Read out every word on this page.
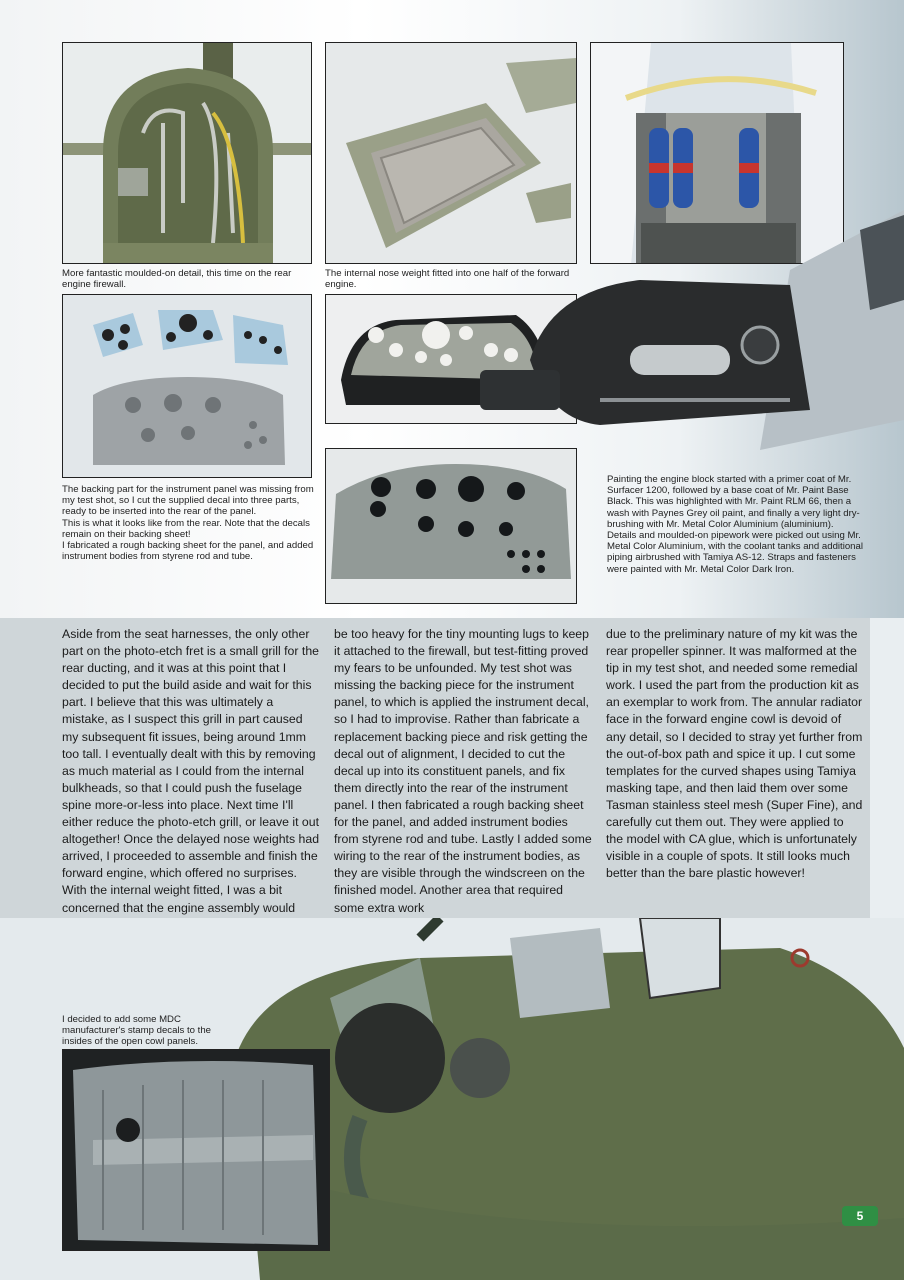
More fantastic moulded-on detail, this time on the rear engine firewall.

The internal nose weight fitted into one half of the forward engine.

The backing part for the instrument panel was missing from my test shot, so I cut the supplied decal into three parts, ready to be inserted into the rear of the panel.

This is what it looks like from the rear. Note that the decals remain on their backing sheet!

I fabricated a rough backing sheet for the panel, and added instrument bodies from styrene rod and tube.

Painting the engine block started with a primer coat of Mr. Surfacer 1200, followed by a base coat of Mr. Paint Base Black. This was highlighted with Mr. Paint RLM 66, then a wash with Paynes Grey oil paint, and finally a very light dry-brushing with Mr. Metal Color Aluminium (aluminium).

Details and moulded-on pipework were picked out using Mr. Metal Color Aluminium, with the coolant tanks and additional piping airbrushed with Tamiya AS-12. Straps and fasteners were painted with Mr. Metal Color Dark Iron.

Aside from the seat harnesses, the only other part on the photo-etch fret is a small grill for the rear ducting, and it was at this point that I decided to put the build aside and wait for this part. I believe that this was ultimately a mistake, as I suspect this grill in part caused my subsequent fit issues, being around 1mm too tall. I eventually dealt with this by removing as much material as I could from the internal bulkheads, so that I could push the fuselage spine more-or-less into place. Next time I'll either reduce the photo-etch grill, or leave it out altogether! Once the delayed nose weights had arrived, I proceeded to assemble and finish the forward engine, which offered no surprises. With the internal weight fitted, I was a bit concerned that the engine assembly would

be too heavy for the tiny mounting lugs to keep it attached to the firewall, but test-fitting proved my fears to be unfounded. My test shot was missing the backing piece for the instrument panel, to which is applied the instrument decal, so I had to improvise. Rather than fabricate a replacement backing piece and risk getting the decal out of alignment, I decided to cut the decal up into its constituent panels, and fix them directly into the rear of the instrument panel. I then fabricated a rough backing sheet for the panel, and added instrument bodies from styrene rod and tube. Lastly I added some wiring to the rear of the instrument bodies, as they are visible through the windscreen on the finished model. Another area that required some extra work

due to the preliminary nature of my kit was the rear propeller spinner. It was malformed at the tip in my test shot, and needed some remedial work. I used the part from the production kit as an exemplar to work from. The annular radiator face in the forward engine cowl is devoid of any detail, so I decided to stray yet further from the out-of-box path and spice it up. I cut some templates for the curved shapes using Tamiya masking tape, and then laid them over some Tasman stainless steel mesh (Super Fine), and carefully cut them out. They were applied to the model with CA glue, which is unfortunately visible in a couple of spots. It still looks much better than the bare plastic however!

I decided to add some MDC manufacturer's stamp decals to the insides of the open cowl panels.

5
